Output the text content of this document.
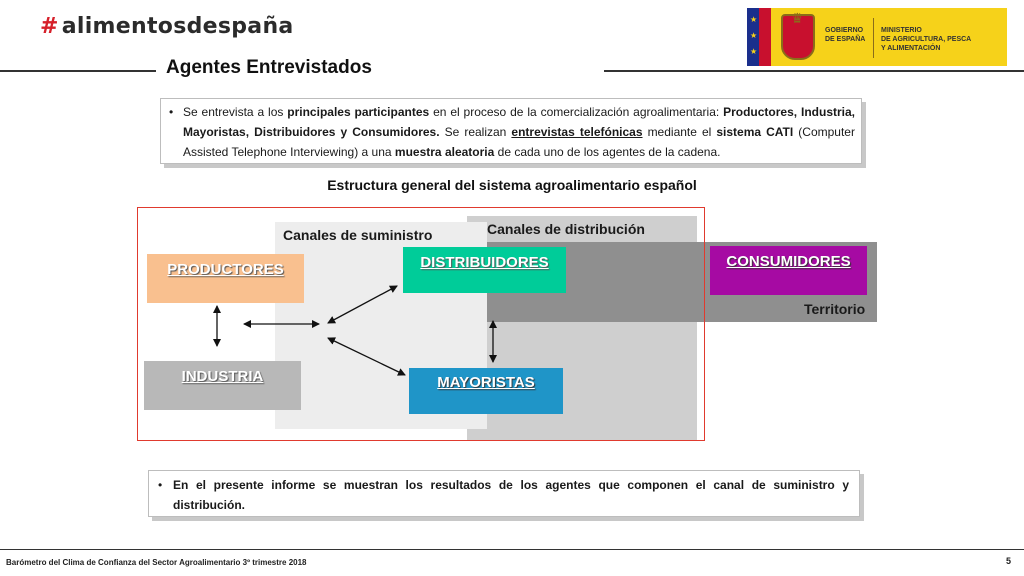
# alimentosdespaña	★
★
★
♛
GOBIERNO
DE ESPAÑA
MINISTERIO
DE AGRICULTURA, PESCA
Y ALIMENTACIÓN
Agentes Entrevistados
• Se entrevista a los principales participantes en el proceso de la comercialización agroalimentaria: Productores, Industria, Mayoristas, Distribuidores y Consumidores. Se realizan entrevistas telefónicas mediante el sistema CATI (Computer Assisted Telephone Interviewing) a una muestra aleatoria de cada uno de los agentes de la cadena.
Estructura general del sistema agroalimentario español
Canales de distribución
Canales de suministro
Territorio
PRODUCTORES
INDUSTRIA
DISTRIBUIDORES
MAYORISTAS
CONSUMIDORES
• En el presente informe se muestran los resultados de los agentes que componen el canal de suministro y distribución.
Barómetro del Clima de Confianza del Sector Agroalimentario 3º trimestre 2018	5
